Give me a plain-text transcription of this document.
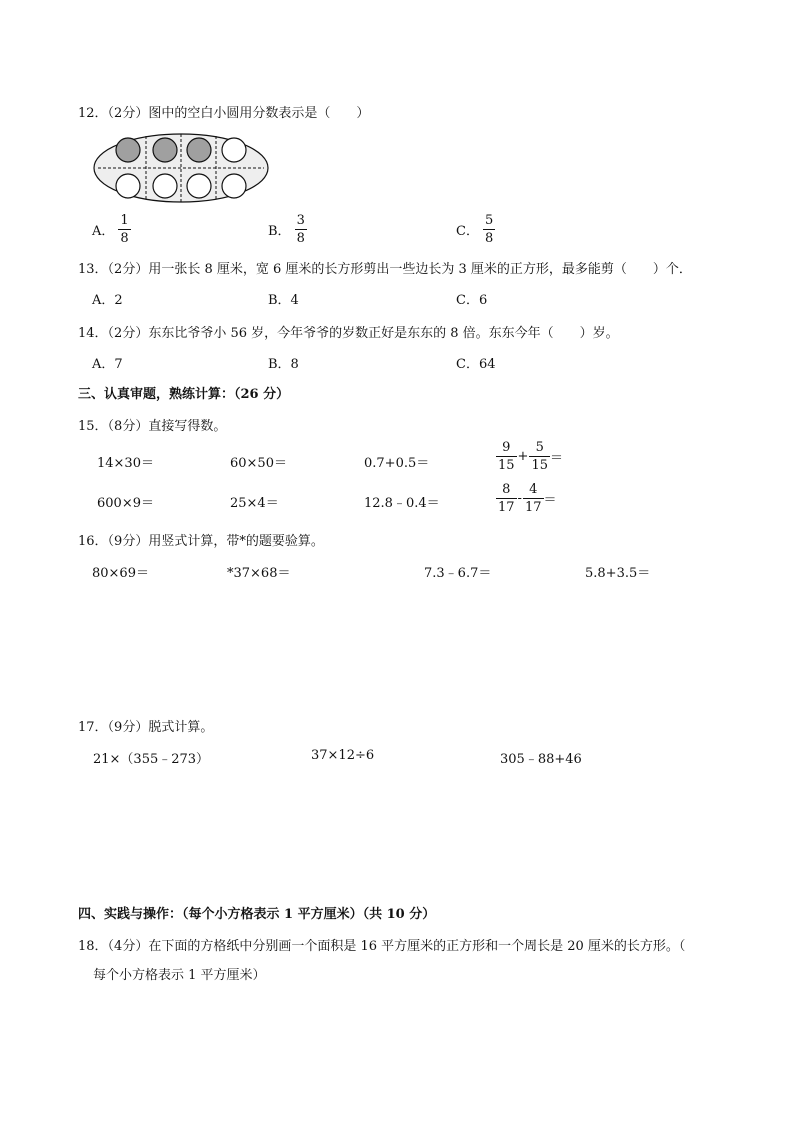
12．（2分）图中的空白小圆用分数表示是（　　）
A． $\frac{1}{8}$	B． $\frac{3}{8}$	C． $\frac{5}{8}$
13．（2分）用一张长 8 厘米，宽 6 厘米的长方形剪出一些边长为 3 厘米的正方形，最多能剪（　　）个．
A．2	B．4	C．6
14．（2分）东东比爷爷小 56 岁，今年爷爷的岁数正好是东东的 8 倍。东东今年（　　）岁。
A．7	B．8	C．64
三、认真审题，熟练计算：（26 分）
15．（8分）直接写得数。
14×30＝	60×50＝	0.7+0.5＝	$\frac{9}{15} + \frac{5}{15}$ ＝
600×9＝	25×4＝	12.8﹣0.4＝	$\frac{8}{17} - \frac{4}{17}$ ＝
16．（9分）用竖式计算，带*的题要验算。
80×69＝	*37×68＝	7.3﹣6.7＝	5.8+3.5＝
17．（9分）脱式计算。
21×（355﹣273）	37×12÷6	305﹣88+46
四、实践与操作：（每个小方格表示 1 平方厘米）（共 10 分）
18．（4分）在下面的方格纸中分别画一个面积是 16 平方厘米的正方形和一个周长是 20 厘米的长方形。（
每个小方格表示 1 平方厘米）
